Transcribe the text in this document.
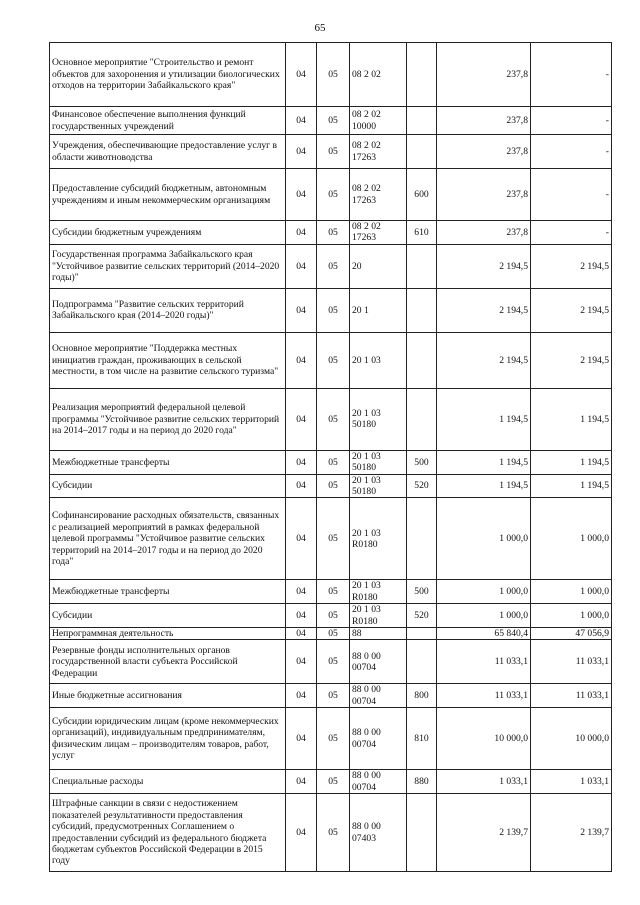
65
Основное мероприятие "Строительство и ремонт объектов для захоронения и утилизации биологических отходов на территории Забайкальского края"	04	05	08 2 02		237,8	-
Финансовое обеспечение выполнения функций государственных учреждений	04	05	08 2 02 10000		237,8	-
Учреждения, обеспечивающие предоставление услуг в области животноводства	04	05	08 2 02 17263		237,8	-
Предоставление субсидий бюджетным, автономным учреждениям и иным некоммерческим организациям	04	05	08 2 02 17263	600	237,8	-
Субсидии бюджетным учреждениям	04	05	08 2 02 17263	610	237,8	-
Государственная программа Забайкальского края "Устойчивое развитие сельских территорий (2014–2020 годы)"	04	05	20		2 194,5	2 194,5
Подпрограмма "Развитие сельских территорий Забайкальского края (2014–2020 годы)"	04	05	20 1		2 194,5	2 194,5
Основное мероприятие "Поддержка местных инициатив граждан, проживающих в сельской местности, в том числе на развитие сельского туризма"	04	05	20 1 03		2 194,5	2 194,5
Реализация мероприятий федеральной целевой программы "Устойчивое развитие сельских территорий на 2014–2017 годы и на период до 2020 года"	04	05	20 1 03 50180		1 194,5	1 194,5
Межбюджетные трансферты	04	05	20 1 03 50180	500	1 194,5	1 194,5
Субсидии	04	05	20 1 03 50180	520	1 194,5	1 194,5
Софинансирование расходных обязательств, связанных с реализацией мероприятий в рамках федеральной целевой программы "Устойчивое развитие сельских территорий на 2014–2017 годы и на период до 2020 года"	04	05	20 1 03 R0180		1 000,0	1 000,0
Межбюджетные трансферты	04	05	20 1 03 R0180	500	1 000,0	1 000,0
Субсидии	04	05	20 1 03 R0180	520	1 000,0	1 000,0
Непрограммная деятельность	04	05	88		65 840,4	47 056,9
Резервные фонды исполнительных органов государственной власти субъекта Российской Федерации	04	05	88 0 00 00704		11 033,1	11 033,1
Иные бюджетные ассигнования	04	05	88 0 00 00704	800	11 033,1	11 033,1
Субсидии юридическим лицам (кроме некоммерческих организаций), индивидуальным предпринимателям, физическим лицам – производителям товаров, работ, услуг	04	05	88 0 00 00704	810	10 000,0	10 000,0
Специальные расходы	04	05	88 0 00 00704	880	1 033,1	1 033,1
Штрафные санкции в связи с недостижением показателей результативности предоставления субсидий, предусмотренных Соглашением о предоставлении субсидий из федерального бюджета бюджетам субъектов Российской Федерации в 2015 году	04	05	88 0 00 07403		2 139,7	2 139,7
